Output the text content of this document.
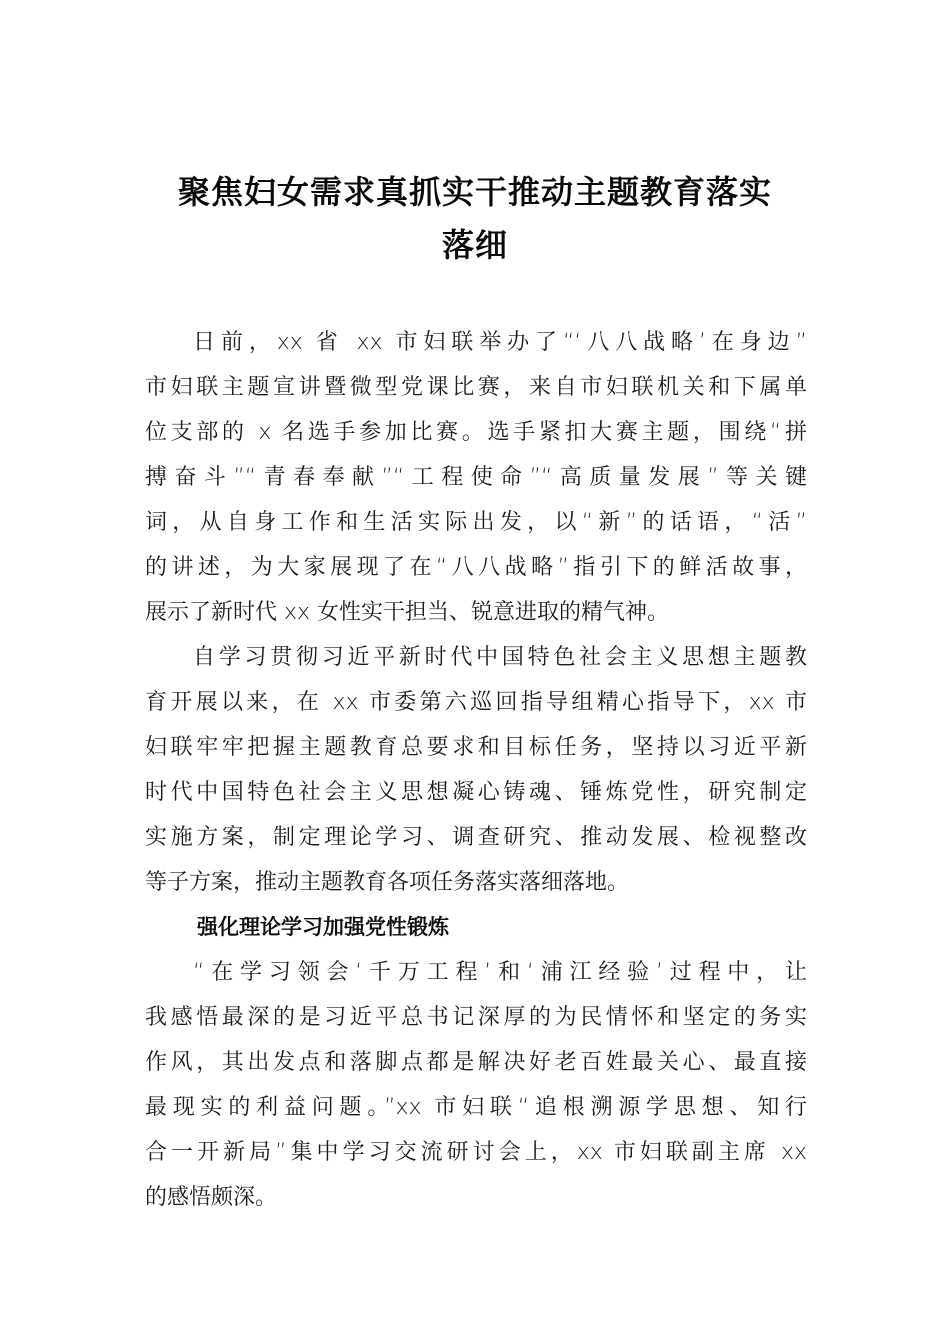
聚焦妇女需求真抓实干推动主题教育落实
落细
日前，xx 省 xx 市妇联举办了“‘八八战略’在身边”
市妇联主题宣讲暨微型党课比赛，来自市妇联机关和下属单
位支部的 x 名选手参加比赛。选手紧扣大赛主题，围绕“拼
搏奋斗”“青春奉献”“工程使命”“高质量发展”等关键
词，从自身工作和生活实际出发，以“新”的话语，“活”
的讲述，为大家展现了在“八八战略”指引下的鲜活故事，
展示了新时代 xx 女性实干担当、锐意进取的精气神。
自学习贯彻习近平新时代中国特色社会主义思想主题教
育开展以来，在 xx 市委第六巡回指导组精心指导下，xx 市
妇联牢牢把握主题教育总要求和目标任务，坚持以习近平新
时代中国特色社会主义思想凝心铸魂、锤炼党性，研究制定
实施方案，制定理论学习、调查研究、推动发展、检视整改
等子方案，推动主题教育各项任务落实落细落地。
强化理论学习加强党性锻炼
“在学习领会‘千万工程’和‘浦江经验’过程中，让
我感悟最深的是习近平总书记深厚的为民情怀和坚定的务实
作风，其出发点和落脚点都是解决好老百姓最关心、最直接
最现实的利益问题。”xx 市妇联“追根溯源学思想、知行
合一开新局”集中学习交流研讨会上，xx 市妇联副主席 xx
的感悟颇深。
